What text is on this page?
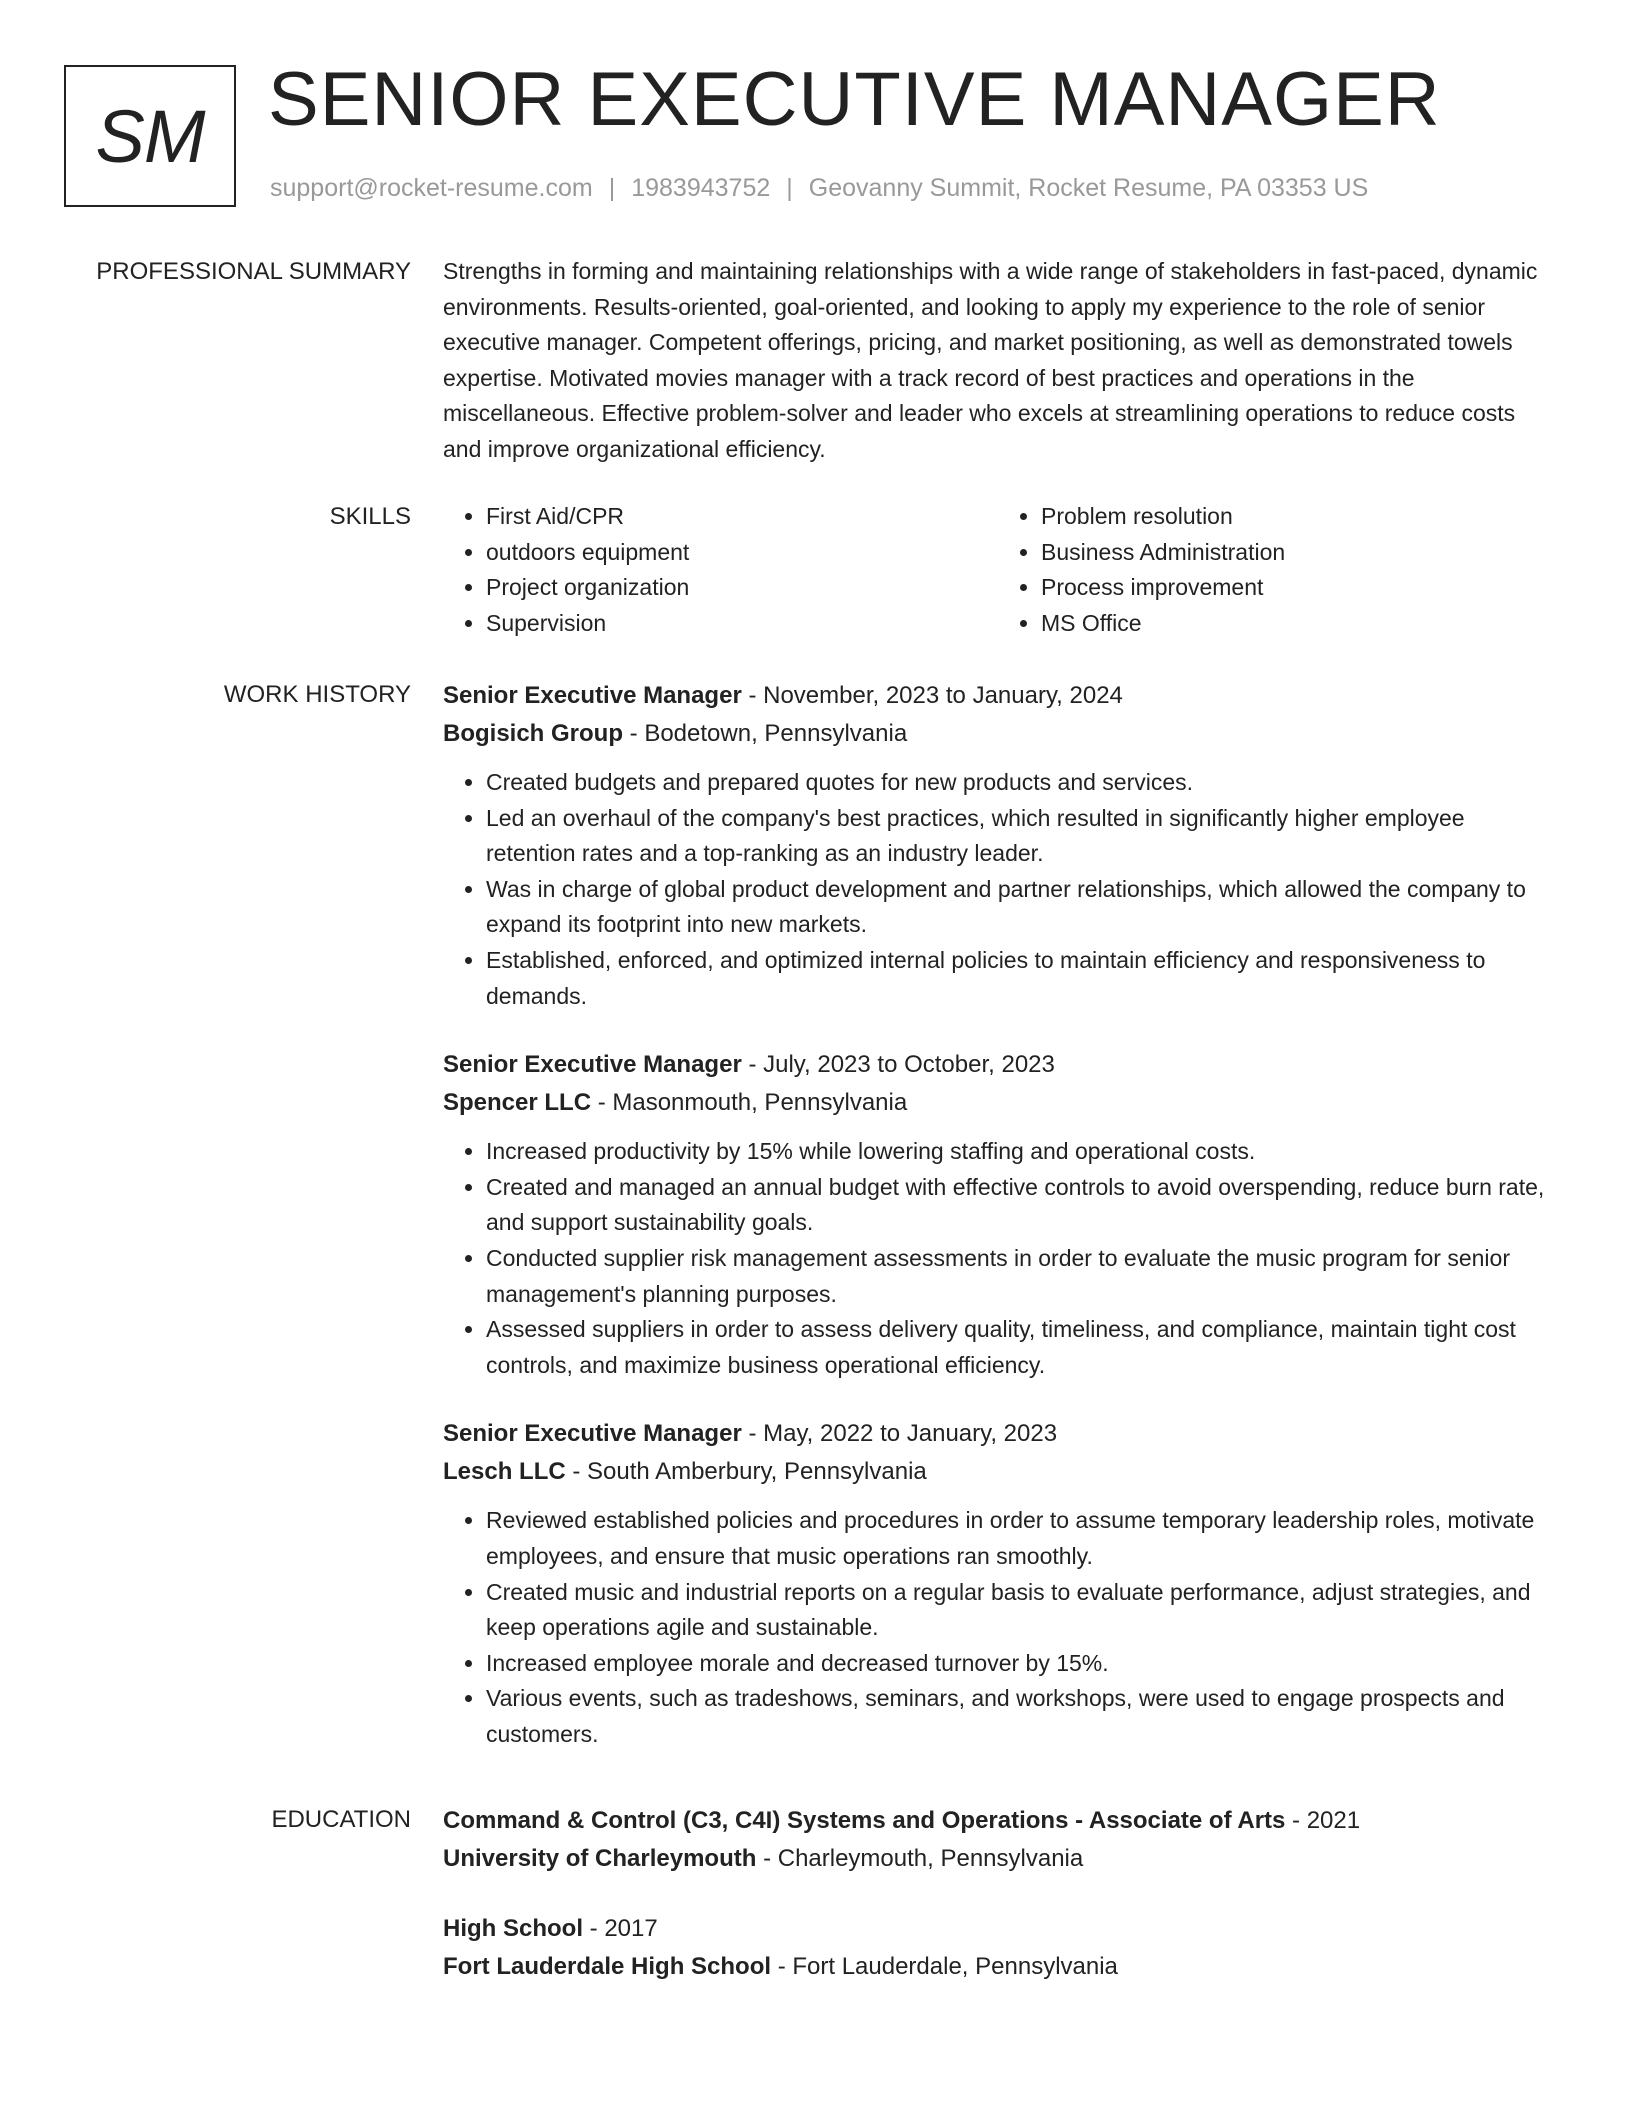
SM SENIOR EXECUTIVE MANAGER
support@rocket-resume.com | 1983943752 | Geovanny Summit, Rocket Resume, PA 03353 US
PROFESSIONAL SUMMARY Strengths in forming and maintaining relationships with a wide range of stakeholders in fast-paced, dynamic environments. Results-oriented, goal-oriented, and looking to apply my experience to the role of senior executive manager. Competent offerings, pricing, and market positioning, as well as demonstrated towels expertise. Motivated movies manager with a track record of best practices and operations in the miscellaneous. Effective problem-solver and leader who excels at streamlining operations to reduce costs and improve organizational efficiency.

SKILLS
•	First Aid/CPR
• outdoors equipment
• Project organization
• Supervision
• Problem resolution
• Business Administration
• Process improvement
• MS Office
WORK HISTORY Senior Executive Manager - November, 2023 to January, 2024
Bogisich Group - Bodetown, Pennsylvania
• Created budgets and prepared quotes for new products and services.
• Led an overhaul of the company's best practices, which resulted in significantly higher employee retention rates and a top-ranking as an industry leader.
• Was in charge of global product development and partner relationships, which allowed the company to expand its footprint into new markets.
• Established, enforced, and optimized internal policies to maintain efficiency and responsiveness to demands.
Senior Executive Manager - July, 2023 to October, 2023
Spencer LLC - Masonmouth, Pennsylvania
• Increased productivity by 15% while lowering staffing and operational costs.
• Created and managed an annual budget with effective controls to avoid overspending, reduce burn rate, and support sustainability goals.
• Conducted supplier risk management assessments in order to evaluate the music program for senior management's planning purposes.
• Assessed suppliers in order to assess delivery quality, timeliness, and compliance, maintain tight cost controls, and maximize business operational efficiency.
Senior Executive Manager - May, 2022 to January, 2023
Lesch LLC - South Amberbury, Pennsylvania
• Reviewed established policies and procedures in order to assume temporary leadership roles, motivate employees, and ensure that music operations ran smoothly.
• Created music and industrial reports on a regular basis to evaluate performance, adjust strategies, and keep operations agile and sustainable.
• Increased employee morale and decreased turnover by 15%.
• Various events, such as tradeshows, seminars, and workshops, were used to engage prospects and customers.
EDUCATION Command & Control (C3, C4I) Systems and Operations - Associate of Arts - 2021
University of Charleymouth - Charleymouth, Pennsylvania
High School - 2017
Fort Lauderdale High School - Fort Lauderdale, Pennsylvania
